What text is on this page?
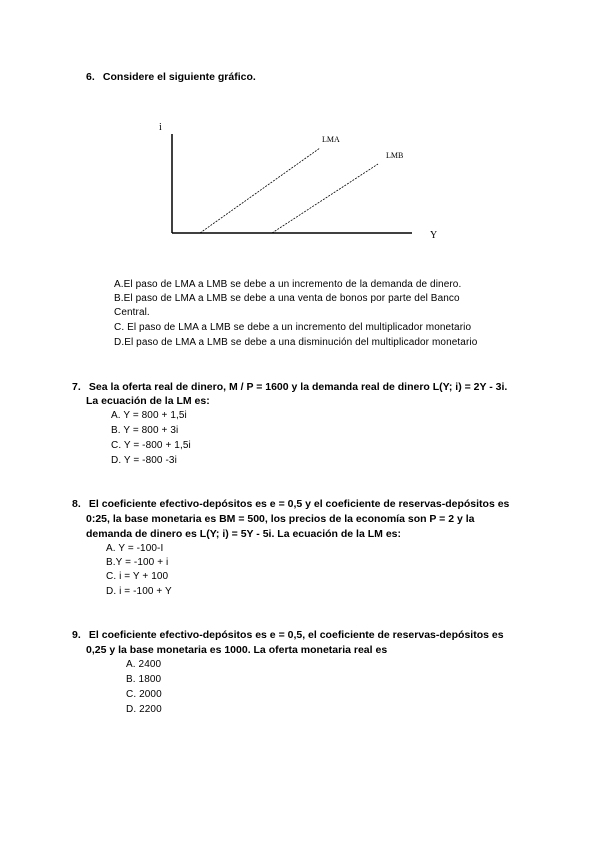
6. Considere el siguiente gráfico.
i
Y
LMA
LMB
A.El paso de LMA a LMB se debe a un incremento de la demanda de dinero.
B.El paso de LMA a LMB se debe a una venta de bonos por parte del Banco
Central.
C. El paso de LMA a LMB se debe a un incremento del multiplicador monetario
D.El paso de LMA a LMB se debe a una disminución del multiplicador monetario
7. Sea la oferta real de dinero, M / P = 1600 y la demanda real de dinero L(Y; i) = 2Y - 3i.
La ecuación de la LM es:
A. Y = 800 + 1,5i
B. Y = 800 + 3i
C. Y = -800 + 1,5i
D. Y = -800 -3i
8. El coeficiente efectivo-depósitos es e = 0,5 y el coeficiente de reservas-depósitos es
0:25, la base monetaria es BM = 500, los precios de la economía son P = 2 y la
demanda de dinero es L(Y; i) = 5Y - 5i. La ecuación de la LM es:
A. Y = -100-I
B.Y = -100 + i
C. i = Y + 100
D. i = -100 + Y
9. El coeficiente efectivo-depósitos es e = 0,5, el coeficiente de reservas-depósitos es
0,25 y la base monetaria es 1000. La oferta monetaria real es
A. 2400
B. 1800
C. 2000
D. 2200
